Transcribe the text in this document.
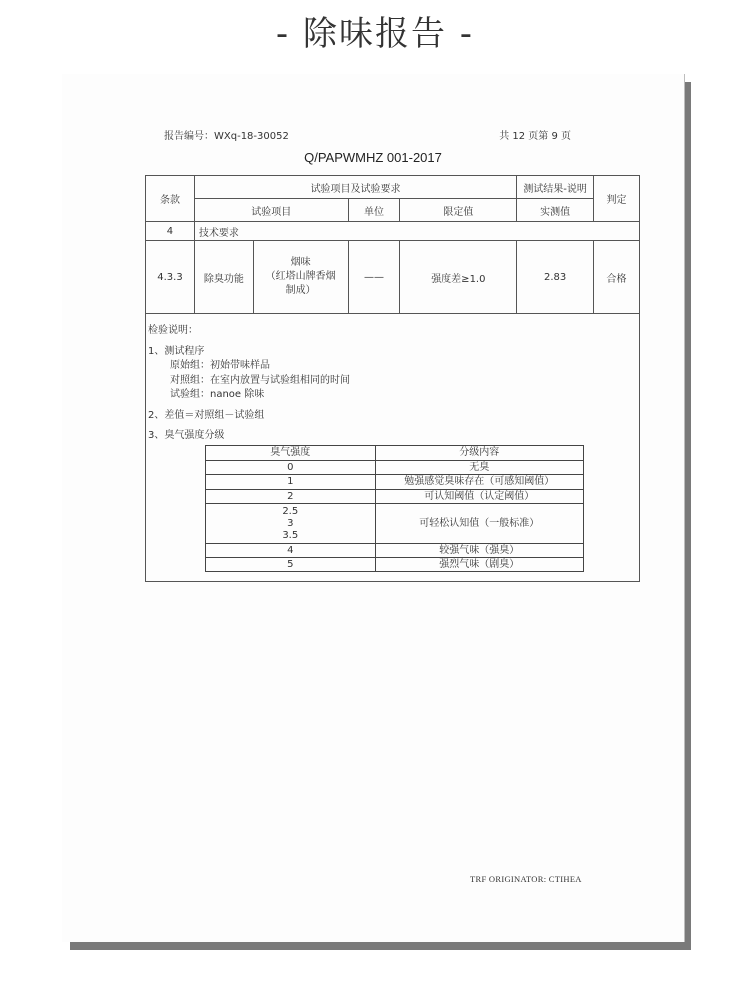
- 除味报告 -
报告编号：WXq-18-30052	共 12 页第 9 页
Q/PAPWMHZ 001-2017
条款	试验项目及试验要求				测试结果-说明	判定
	试验项目		单位	限定值	实测值	
4	技术要求					
4.3.3	除臭功能	烟味
（红塔山牌香烟
制成）	——	强度差≥1.0	2.83	合格

检验说明：
1、测试程序
原始组：初始带味样品
对照组：在室内放置与试验组相同的时间
试验组：nanoe 除味
2、差值＝对照组－试验组
3、臭气强度分级
臭气强度	分级内容
0	无臭
1	勉强感觉臭味存在（可感知阈值）
2	可认知阈值（认定阈值）

2.5
3
3.5	可轻松认知值（一般标准）
4	较强气味（强臭）
5	强烈气味（剧臭）
TRF ORIGINATOR: CTIHEA
